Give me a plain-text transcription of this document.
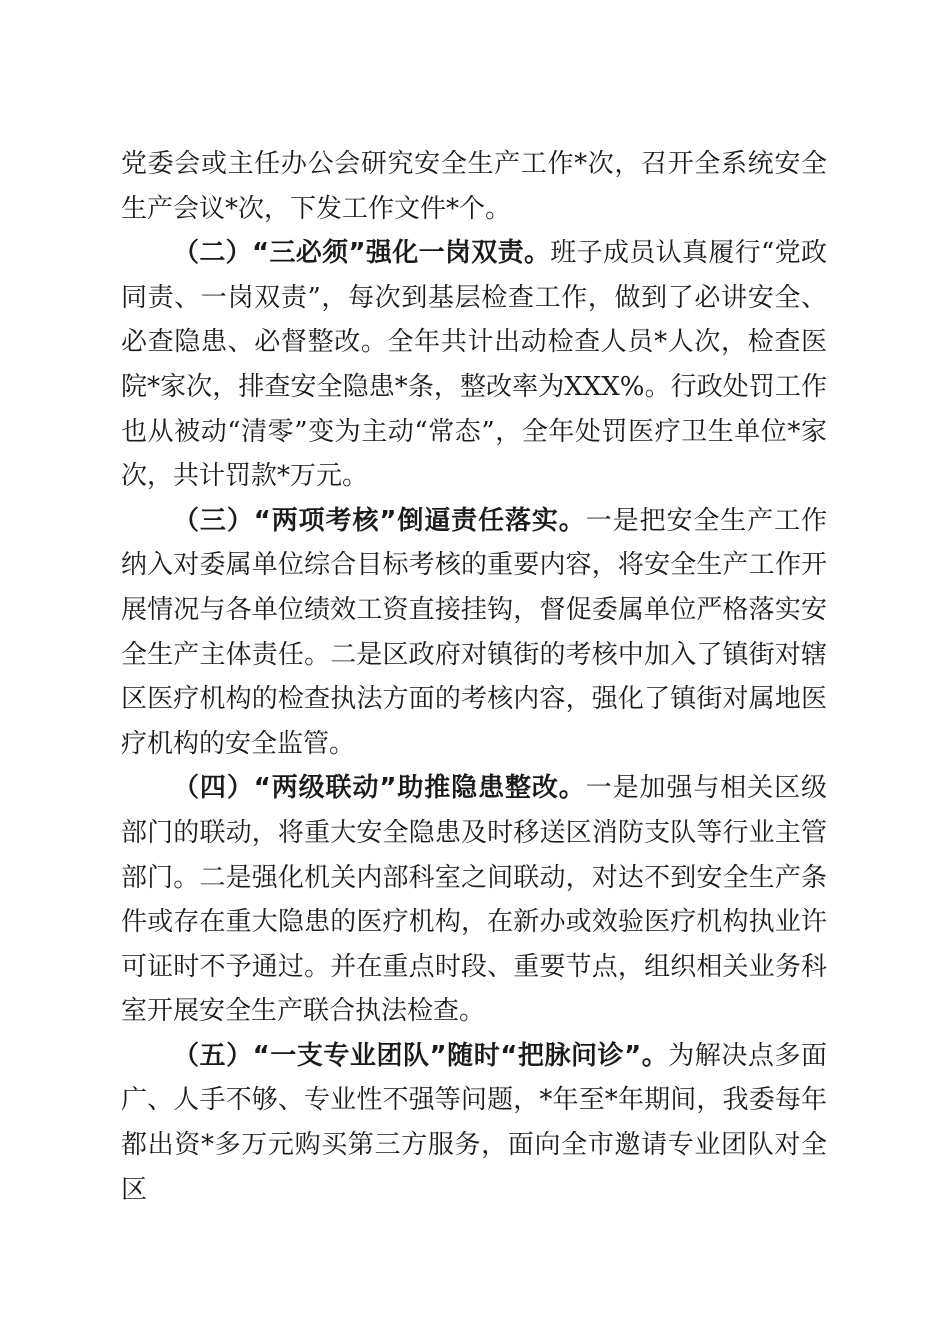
党委会或主任办公会研究安全生产工作*次，召开全系统安全生产会议*次，下发工作文件*个。

（二）“三必须”强化一岗双责。班子成员认真履行“党政同责、一岗双责”，每次到基层检查工作，做到了必讲安全、必查隐患、必督整改。全年共计出动检查人员*人次，检查医院*家次，排查安全隐患*条，整改率为XXX%。行政处罚工作也从被动“清零”变为主动“常态”，全年处罚医疗卫生单位*家次，共计罚款*万元。

（三）“两项考核”倒逼责任落实。一是把安全生产工作纳入对委属单位综合目标考核的重要内容，将安全生产工作开展情况与各单位绩效工资直接挂钩，督促委属单位严格落实安全生产主体责任。二是区政府对镇街的考核中加入了镇街对辖区医疗机构的检查执法方面的考核内容，强化了镇街对属地医疗机构的安全监管。

（四）“两级联动”助推隐患整改。一是加强与相关区级部门的联动，将重大安全隐患及时移送区消防支队等行业主管部门。二是强化机关内部科室之间联动，对达不到安全生产条件或存在重大隐患的医疗机构，在新办或效验医疗机构执业许可证时不予通过。并在重点时段、重要节点，组织相关业务科室开展安全生产联合执法检查。

（五）“一支专业团队”随时“把脉问诊”。为解决点多面广、人手不够、专业性不强等问题，*年至*年期间，我委每年都出资*多万元购买第三方服务，面向全市邀请专业团队对全区
